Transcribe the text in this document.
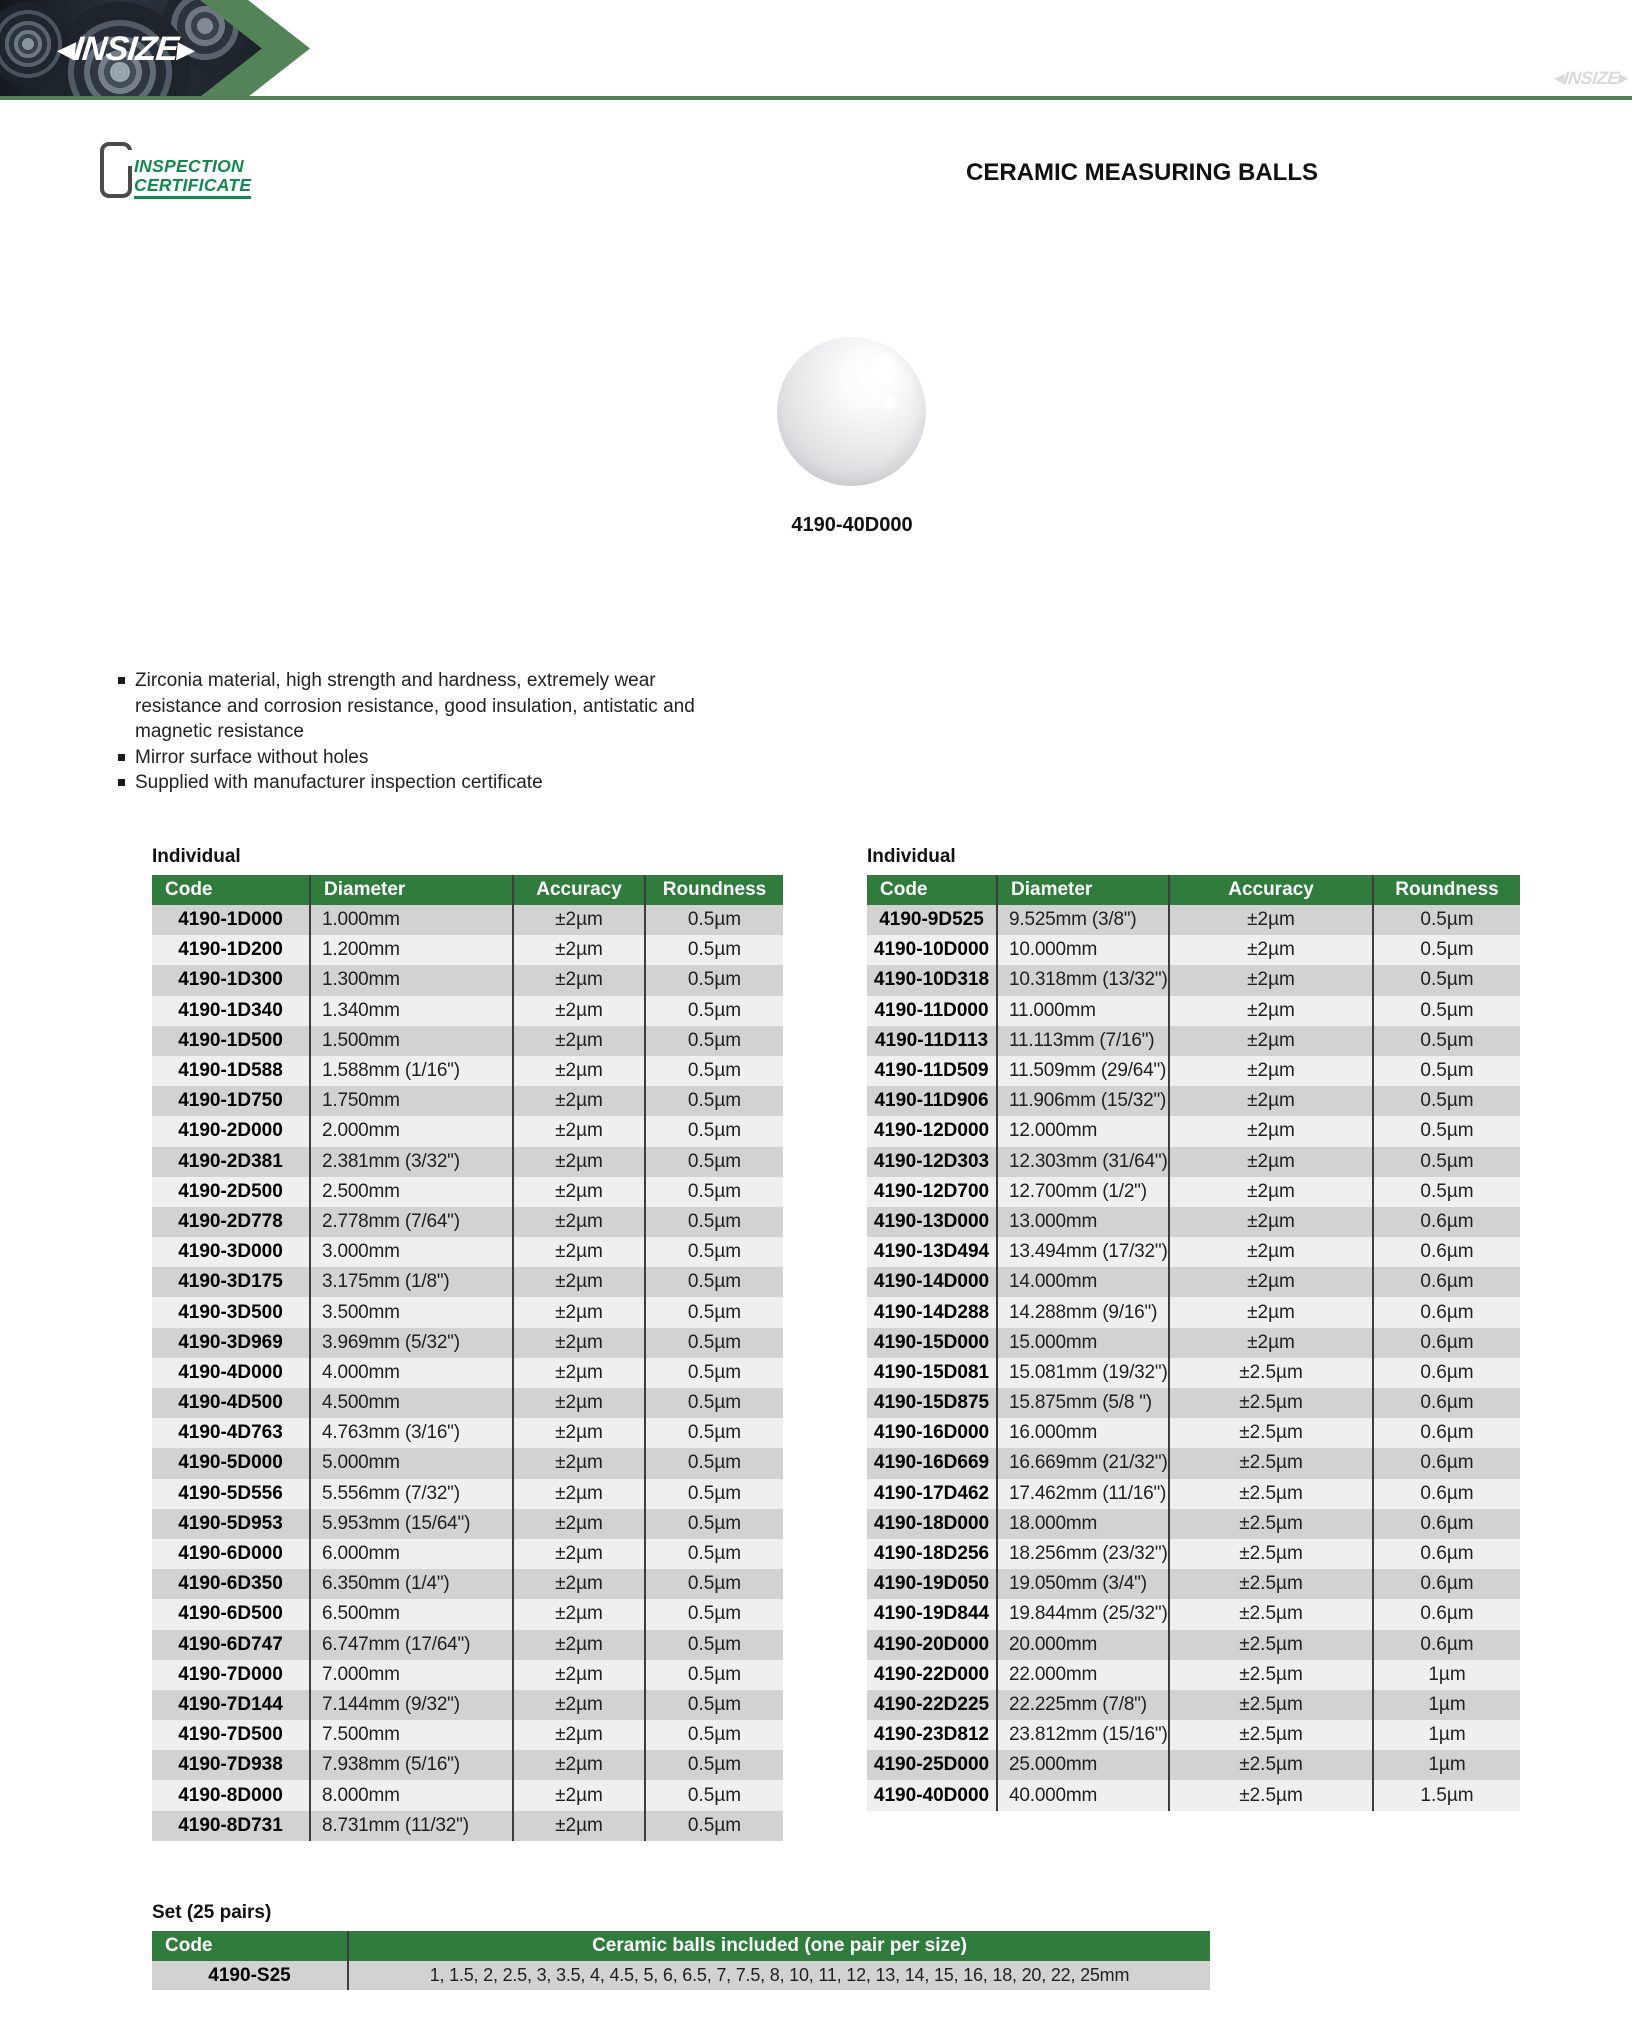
◀INSIZE▶
◀INSIZE▶
INSPECTION
CERTIFICATE	CERAMIC MEASURING BALLS
4190-40D000
Zirconia material, high strength and hardness, extremely wear resistance and corrosion resistance, good insulation, antistatic and magnetic resistance
Mirror surface without holes
Supplied with manufacturer inspection certificate

Individual

Code	Diameter	Accuracy	Roundness
4190-1D000	1.000mm	±2µm	0.5µm
4190-1D200	1.200mm	±2µm	0.5µm
4190-1D300	1.300mm	±2µm	0.5µm
4190-1D340	1.340mm	±2µm	0.5µm
4190-1D500	1.500mm	±2µm	0.5µm
4190-1D588	1.588mm (1/16")	±2µm	0.5µm
4190-1D750	1.750mm	±2µm	0.5µm
4190-2D000	2.000mm	±2µm	0.5µm
4190-2D381	2.381mm (3/32")	±2µm	0.5µm
4190-2D500	2.500mm	±2µm	0.5µm
4190-2D778	2.778mm (7/64")	±2µm	0.5µm
4190-3D000	3.000mm	±2µm	0.5µm
4190-3D175	3.175mm (1/8")	±2µm	0.5µm
4190-3D500	3.500mm	±2µm	0.5µm
4190-3D969	3.969mm (5/32")	±2µm	0.5µm
4190-4D000	4.000mm	±2µm	0.5µm
4190-4D500	4.500mm	±2µm	0.5µm
4190-4D763	4.763mm (3/16")	±2µm	0.5µm
4190-5D000	5.000mm	±2µm	0.5µm
4190-5D556	5.556mm (7/32")	±2µm	0.5µm
4190-5D953	5.953mm (15/64")	±2µm	0.5µm
4190-6D000	6.000mm	±2µm	0.5µm
4190-6D350	6.350mm (1/4")	±2µm	0.5µm
4190-6D500	6.500mm	±2µm	0.5µm
4190-6D747	6.747mm (17/64")	±2µm	0.5µm
4190-7D000	7.000mm	±2µm	0.5µm
4190-7D144	7.144mm (9/32")	±2µm	0.5µm
4190-7D500	7.500mm	±2µm	0.5µm
4190-7D938	7.938mm (5/16")	±2µm	0.5µm
4190-8D000	8.000mm	±2µm	0.5µm
4190-8D731	8.731mm (11/32")	±2µm	0.5µm

Individual

Code	Diameter	Accuracy	Roundness
4190-9D525	9.525mm (3/8")	±2µm	0.5µm
4190-10D000	10.000mm	±2µm	0.5µm
4190-10D318	10.318mm (13/32")	±2µm	0.5µm
4190-11D000	11.000mm	±2µm	0.5µm
4190-11D113	11.113mm (7/16")	±2µm	0.5µm
4190-11D509	11.509mm (29/64")	±2µm	0.5µm
4190-11D906	11.906mm (15/32")	±2µm	0.5µm
4190-12D000	12.000mm	±2µm	0.5µm
4190-12D303	12.303mm (31/64")	±2µm	0.5µm
4190-12D700	12.700mm (1/2")	±2µm	0.5µm
4190-13D000	13.000mm	±2µm	0.6µm
4190-13D494	13.494mm (17/32")	±2µm	0.6µm
4190-14D000	14.000mm	±2µm	0.6µm
4190-14D288	14.288mm (9/16")	±2µm	0.6µm
4190-15D000	15.000mm	±2µm	0.6µm
4190-15D081	15.081mm (19/32")	±2.5µm	0.6µm
4190-15D875	15.875mm (5/8 ")	±2.5µm	0.6µm
4190-16D000	16.000mm	±2.5µm	0.6µm
4190-16D669	16.669mm (21/32")	±2.5µm	0.6µm
4190-17D462	17.462mm (11/16")	±2.5µm	0.6µm
4190-18D000	18.000mm	±2.5µm	0.6µm
4190-18D256	18.256mm (23/32")	±2.5µm	0.6µm
4190-19D050	19.050mm (3/4")	±2.5µm	0.6µm
4190-19D844	19.844mm (25/32")	±2.5µm	0.6µm
4190-20D000	20.000mm	±2.5µm	0.6µm
4190-22D000	22.000mm	±2.5µm	1µm
4190-22D225	22.225mm (7/8")	±2.5µm	1µm
4190-23D812	23.812mm (15/16")	±2.5µm	1µm
4190-25D000	25.000mm	±2.5µm	1µm
4190-40D000	40.000mm	±2.5µm	1.5µm

Set (25 pairs)

Code	Ceramic balls included (one pair per size)
4190-S25	1, 1.5, 2, 2.5, 3, 3.5, 4, 4.5, 5, 6, 6.5, 7, 7.5, 8, 10, 11, 12, 13, 14, 15, 16, 18, 20, 22, 25mm
